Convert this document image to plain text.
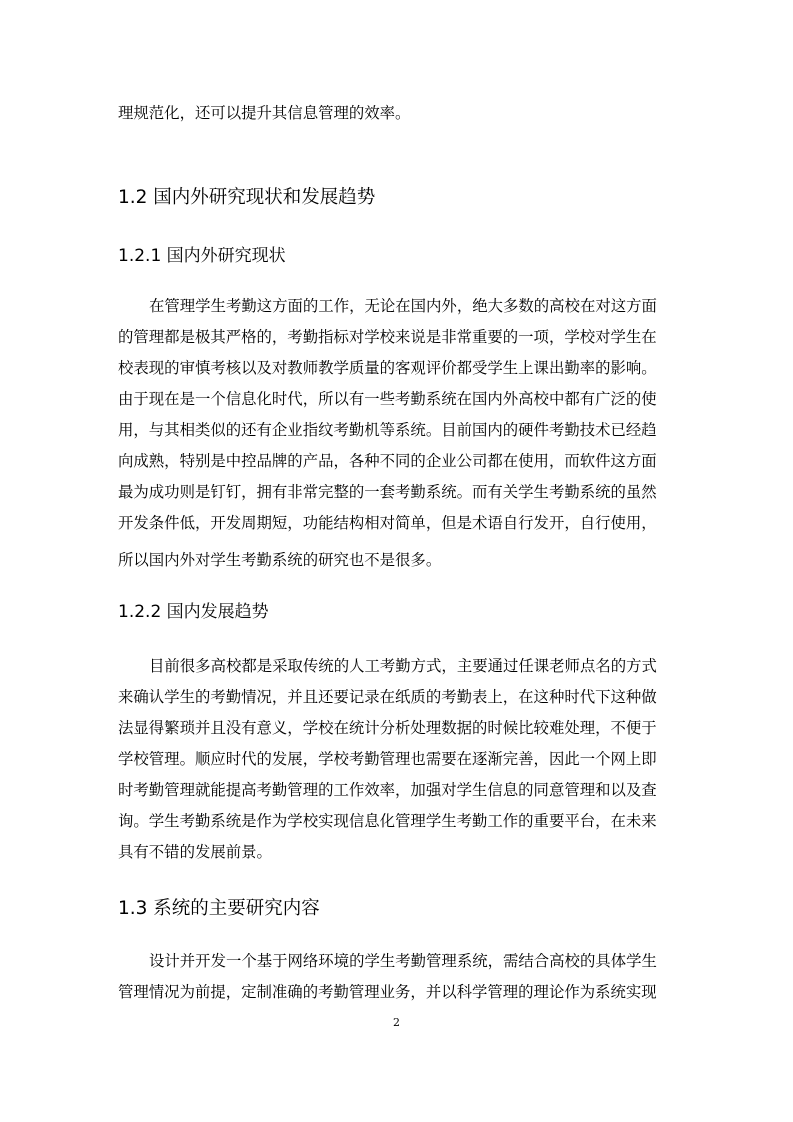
理规范化，还可以提升其信息管理的效率。
1.2 国内外研究现状和发展趋势
1.2.1 国内外研究现状
在管理学生考勤这方面的工作，无论在国内外，绝大多数的高校在对这方面
的管理都是极其严格的，考勤指标对学校来说是非常重要的一项，学校对学生在
校表现的审慎考核以及对教师教学质量的客观评价都受学生上课出勤率的影响。
由于现在是一个信息化时代，所以有一些考勤系统在国内外高校中都有广泛的使
用，与其相类似的还有企业指纹考勤机等系统。目前国内的硬件考勤技术已经趋
向成熟，特别是中控品牌的产品，各种不同的企业公司都在使用，而软件这方面
最为成功则是钉钉，拥有非常完整的一套考勤系统。而有关学生考勤系统的虽然
开发条件低，开发周期短，功能结构相对简单，但是术语自行发开，自行使用，
所以国内外对学生考勤系统的研究也不是很多。
1.2.2 国内发展趋势
目前很多高校都是采取传统的人工考勤方式，主要通过任课老师点名的方式
来确认学生的考勤情况，并且还要记录在纸质的考勤表上，在这种时代下这种做
法显得繁琐并且没有意义，学校在统计分析处理数据的时候比较难处理，不便于
学校管理。顺应时代的发展，学校考勤管理也需要在逐渐完善，因此一个网上即
时考勤管理就能提高考勤管理的工作效率，加强对学生信息的同意管理和以及查
询。学生考勤系统是作为学校实现信息化管理学生考勤工作的重要平台，在未来
具有不错的发展前景。
1.3 系统的主要研究内容
设计并开发一个基于网络环境的学生考勤管理系统，需结合高校的具体学生
管理情况为前提，定制准确的考勤管理业务，并以科学管理的理论作为系统实现
2
